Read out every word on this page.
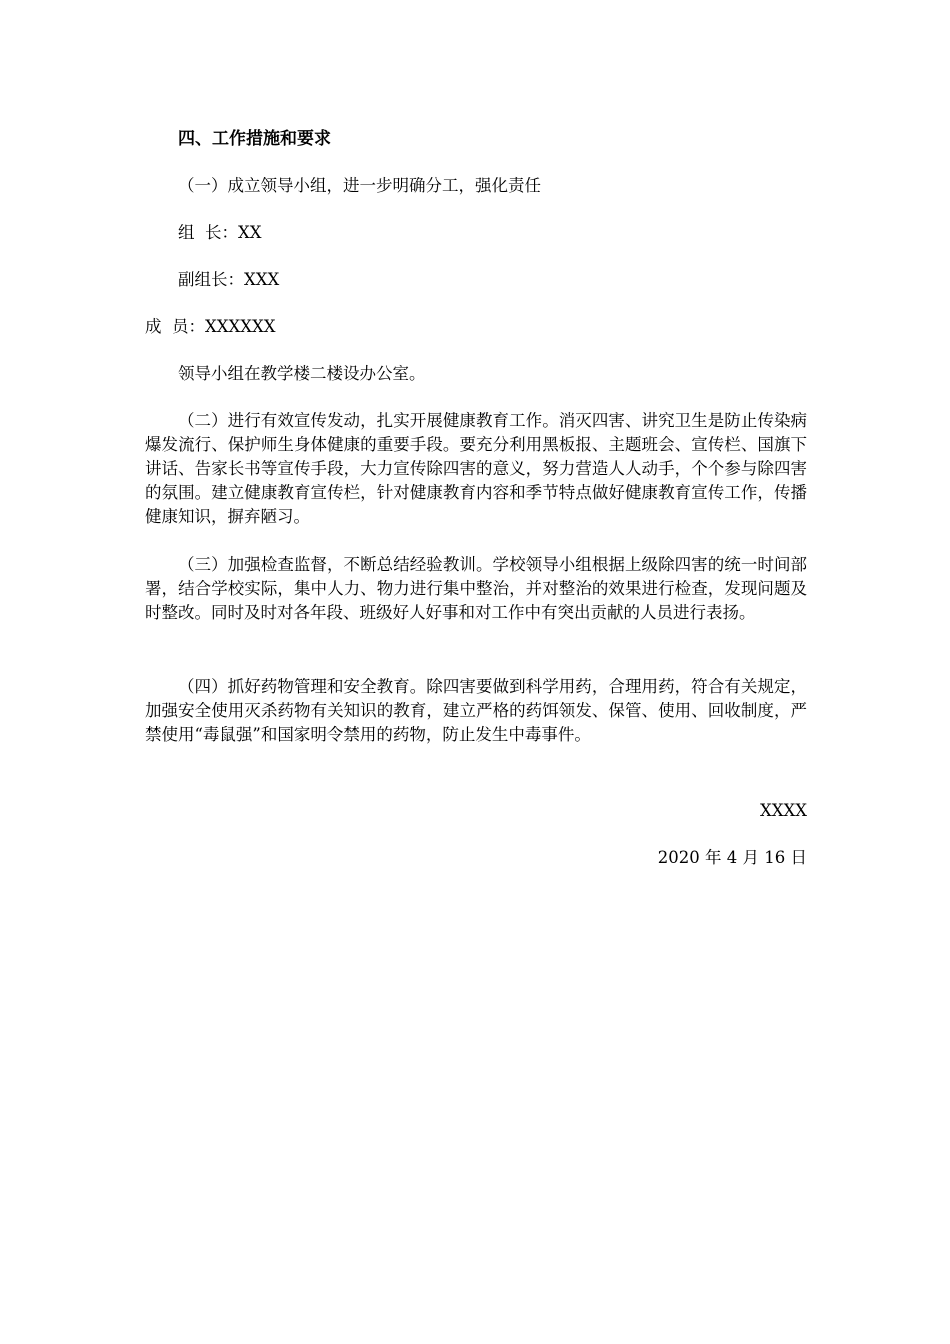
四、工作措施和要求
（一）成立领导小组，进一步明确分工，强化责任
组  长：XX
副组长：XXX
成  员：XXXXXX
领导小组在教学楼二楼设办公室。
（二）进行有效宣传发动，扎实开展健康教育工作。消灭四害、讲究卫生是防止传染病爆发流行、保护师生身体健康的重要手段。要充分利用黑板报、主题班会、宣传栏、国旗下讲话、告家长书等宣传手段，大力宣传除四害的意义，努力营造人人动手，个个参与除四害的氛围。建立健康教育宣传栏，针对健康教育内容和季节特点做好健康教育宣传工作，传播健康知识，摒弃陋习。
（三）加强检查监督，不断总结经验教训。学校领导小组根据上级除四害的统一时间部署，结合学校实际，集中人力、物力进行集中整治，并对整治的效果进行检查，发现问题及时整改。同时及时对各年段、班级好人好事和对工作中有突出贡献的人员进行表扬。
（四）抓好药物管理和安全教育。除四害要做到科学用药，合理用药，符合有关规定，加强安全使用灭杀药物有关知识的教育，建立严格的药饵领发、保管、使用、回收制度，严禁使用“毒鼠强”和国家明令禁用的药物，防止发生中毒事件。
XXXX
2020 年 4 月 16 日
